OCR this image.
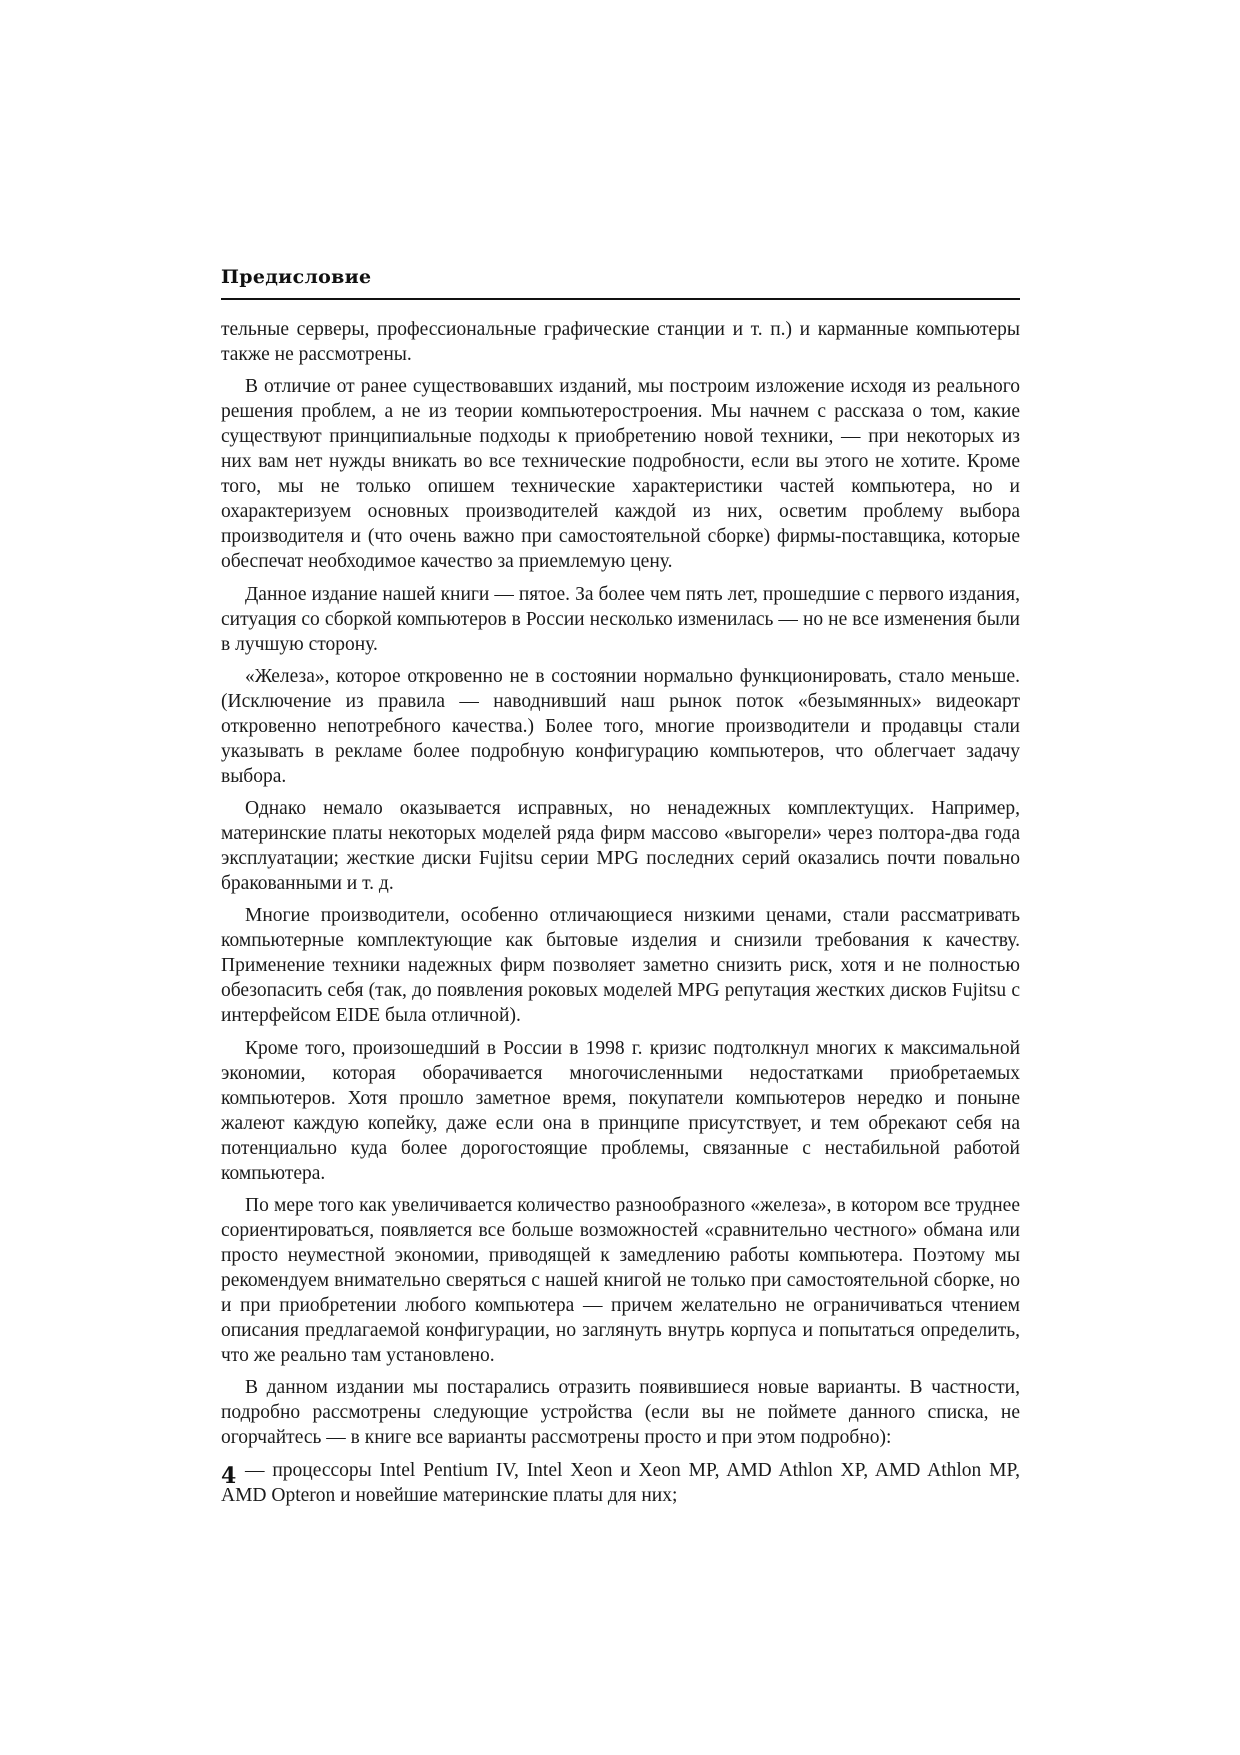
Предисловие

тельные серверы, профессиональные графические станции и т. п.) и карманные компьютеры также не рассмотрены.

В отличие от ранее существовавших изданий, мы построим изложение исходя из реального решения проблем, а не из теории компьютеростроения. Мы начнем с рассказа о том, какие существуют принципиальные подходы к приобретению новой техники, — при некоторых из них вам нет нужды вникать во все технические подробности, если вы этого не хотите. Кроме того, мы не только опишем технические характеристики частей компьютера, но и охарактеризуем основных производителей каждой из них, осветим проблему выбора производителя и (что очень важно при самостоятельной сборке) фирмы-поставщика, которые обеспечат необходимое качество за приемлемую цену.

Данное издание нашей книги — пятое. За более чем пять лет, прошедшие с первого издания, ситуация со сборкой компьютеров в России несколько изменилась — но не все изменения были в лучшую сторону.

«Железа», которое откровенно не в состоянии нормально функционировать, стало меньше. (Исключение из правила — наводнивший наш рынок поток «безымянных» видеокарт откровенно непотребного качества.) Более того, многие производители и продавцы стали указывать в рекламе более подробную конфигурацию компьютеров, что облегчает задачу выбора.

Однако немало оказывается исправных, но ненадежных комплектущих. Например, материнские платы некоторых моделей ряда фирм массово «выгорели» через полтора-два года эксплуатации; жесткие диски Fujitsu серии MPG последних серий оказались почти повально бракованными и т. д.

Многие производители, особенно отличающиеся низкими ценами, стали рассматривать компьютерные комплектующие как бытовые изделия и снизили требования к качеству. Применение техники надежных фирм позволяет заметно снизить риск, хотя и не полностью обезопасить себя (так, до появления роковых моделей MPG репутация жестких дисков Fujitsu с интерфейсом EIDE была отличной).

Кроме того, произошедший в России в 1998 г. кризис подтолкнул многих к максимальной экономии, которая оборачивается многочисленными недостатками приобретаемых компьютеров. Хотя прошло заметное время, покупатели компьютеров нередко и поныне жалеют каждую копейку, даже если она в принципе присутствует, и тем обрекают себя на потенциально куда более дорогостоящие проблемы, связанные с нестабильной работой компьютера.

По мере того как увеличивается количество разнообразного «железа», в котором все труднее сориентироваться, появляется все больше возможностей «сравнительно честного» обмана или просто неуместной экономии, приводящей к замедлению работы компьютера. Поэтому мы рекомендуем внимательно сверяться с нашей книгой не только при самостоятельной сборке, но и при приобретении любого компьютера — причем желательно не ограничиваться чтением описания предлагаемой конфигурации, но заглянуть внутрь корпуса и попытаться определить, что же реально там установлено.

В данном издании мы постарались отразить появившиеся новые варианты. В частности, подробно рассмотрены следующие устройства (если вы не поймете данного списка, не огорчайтесь — в книге все варианты рассмотрены просто и при этом подробно):

— процессоры Intel Pentium IV, Intel Xeon и Xeon MP, AMD Athlon XP, AMD Athlon MP, AMD Opteron и новейшие материнские платы для них;

4
